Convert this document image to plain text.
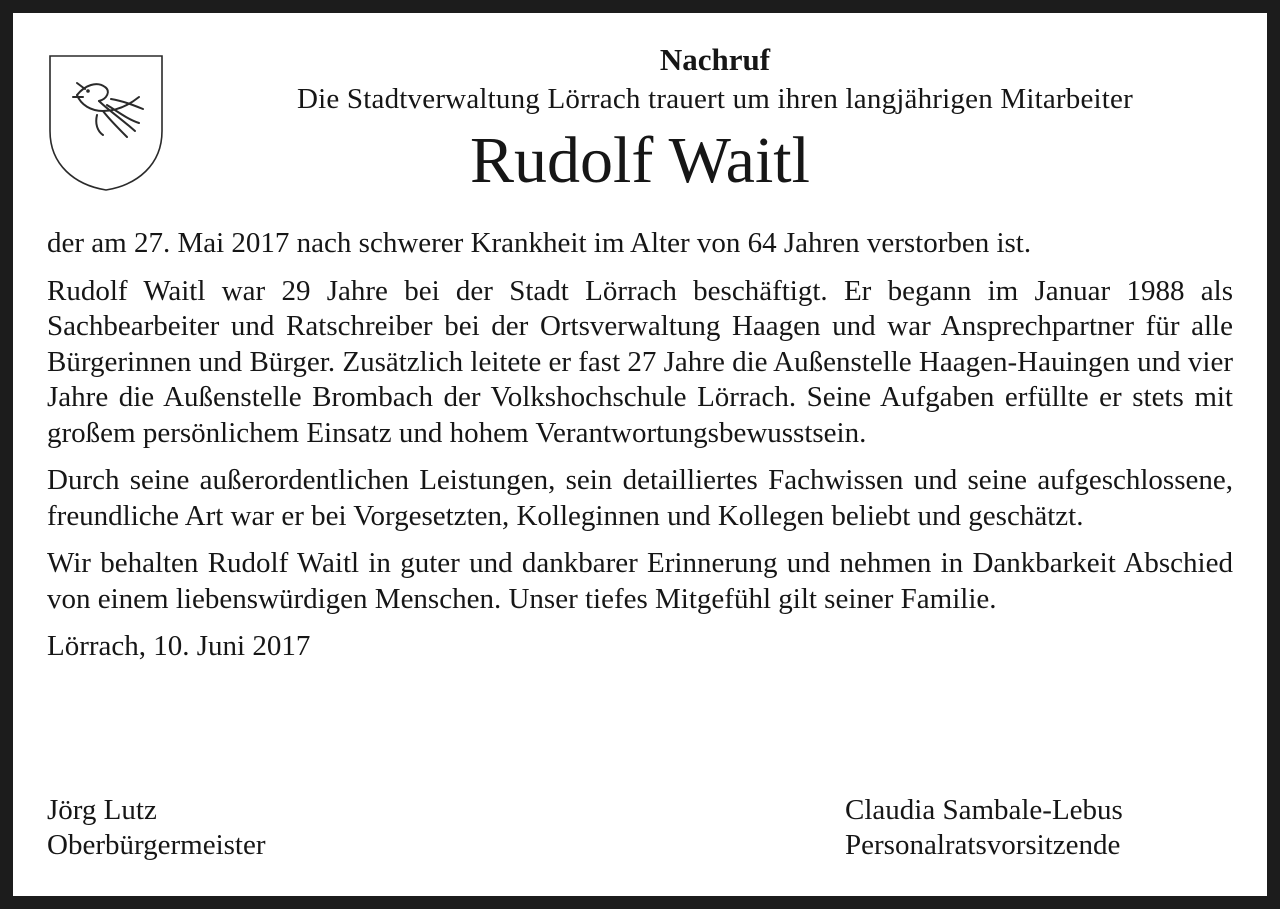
Nachruf

Die Stadtverwaltung Lörrach trauert um ihren langjährigen Mitarbeiter

Rudolf Waitl

der am 27. Mai 2017 nach schwerer Krankheit im Alter von 64 Jahren verstorben ist.

Rudolf Waitl war 29 Jahre bei der Stadt Lörrach beschäftigt. Er begann im Januar 1988 als Sachbearbeiter und Ratschreiber bei der Ortsverwaltung Haagen und war Ansprechpartner für alle Bürgerinnen und Bürger. Zusätzlich leitete er fast 27 Jahre die Außenstelle Haagen-Hauingen und vier Jahre die Außenstelle Brombach der Volkshochschule Lörrach. Seine Aufgaben erfüllte er stets mit großem persönlichem Einsatz und hohem Verantwortungsbewusstsein.

Durch seine außerordentlichen Leistungen, sein detailliertes Fachwissen und seine aufgeschlossene, freundliche Art war er bei Vorgesetzten, Kolleginnen und Kollegen beliebt und geschätzt.

Wir behalten Rudolf Waitl in guter und dankbarer Erinnerung und nehmen in Dankbarkeit Abschied von einem liebenswürdigen Menschen. Unser tiefes Mitgefühl gilt seiner Familie.

Lörrach, 10. Juni 2017

Jörg Lutz
Oberbürgermeister
Claudia Sambale-Lebus
Personalratsvorsitzende
